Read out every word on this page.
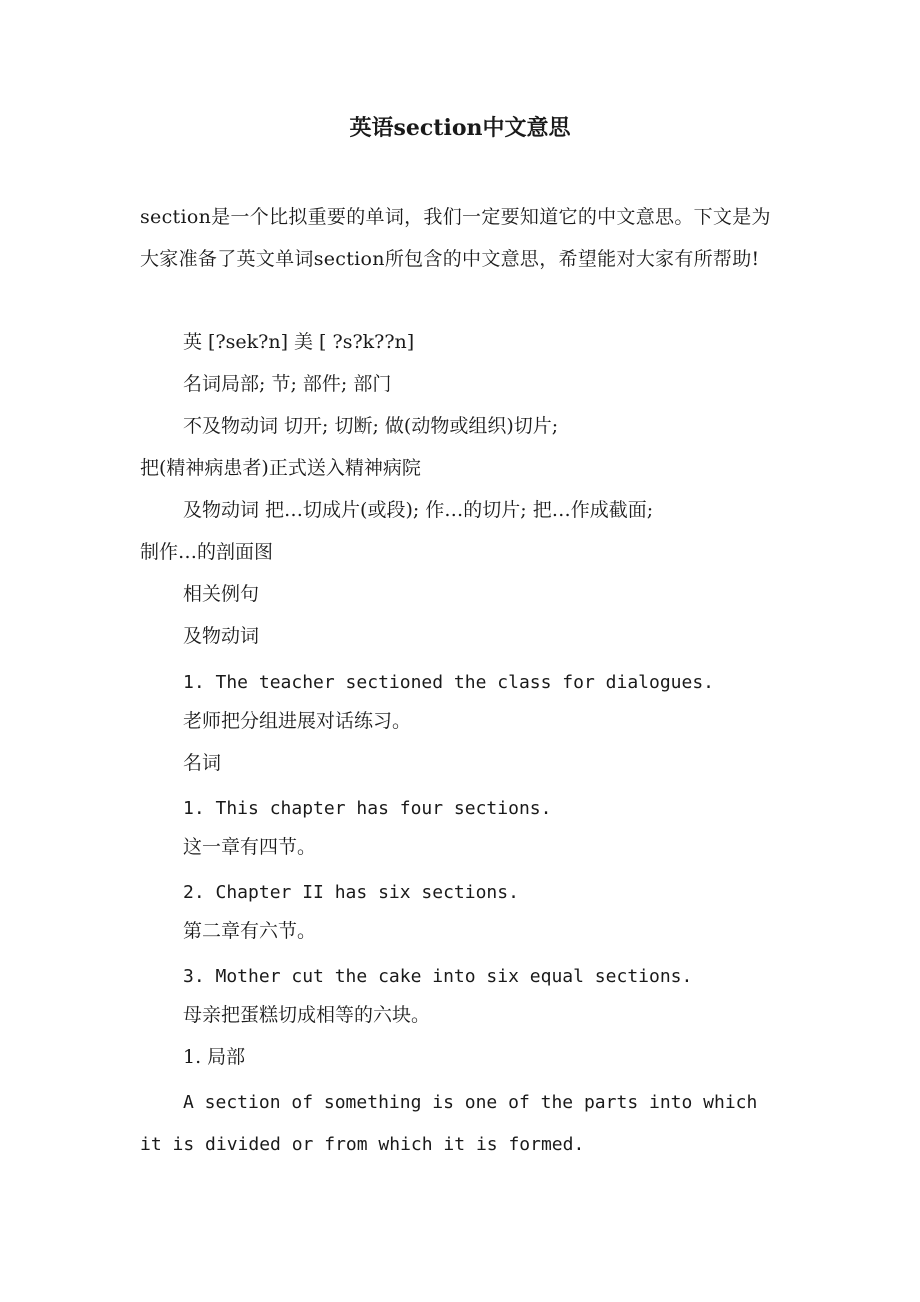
英语section中文意思

section是一个比拟重要的单词，我们一定要知道它的中文意思。下文是为大家准备了英文单词section所包含的中文意思，希望能对大家有所帮助!

英 [?sek?n] 美 [ ?s?k??n]

名词局部; 节; 部件; 部门

不及物动词 切开; 切断; 做(动物或组织)切片;

把(精神病患者)正式送入精神病院

及物动词 把…切成片(或段); 作…的切片; 把…作成截面;

制作…的剖面图

相关例句

及物动词

1. The teacher sectioned the class for dialogues.

老师把分组进展对话练习。

名词

1. This chapter has four sections.

这一章有四节。

2. Chapter II has six sections.

第二章有六节。

3. Mother cut the cake into six equal sections.

母亲把蛋糕切成相等的六块。

1. 局部

A section of something is one of the parts into which

it is divided or from which it is formed.
